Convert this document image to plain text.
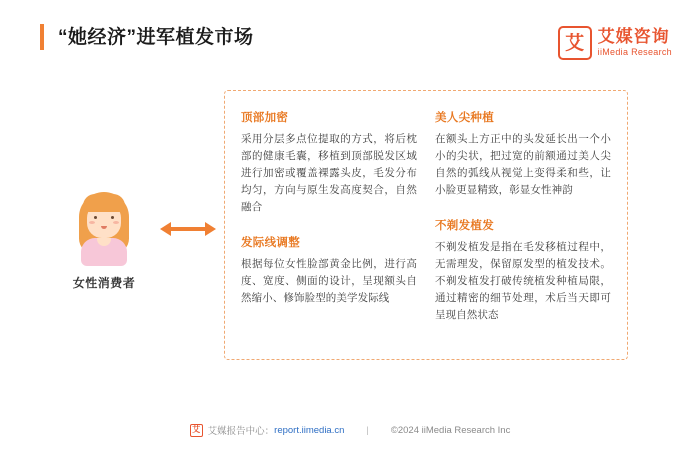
“她经济”进军植发市场	艾 艾媒咨询
iiMedia Research
女性消费者
顶部加密
采用分层多点位提取的方式，将后枕部的健康毛囊，移植到顶部脱发区域进行加密或覆盖裸露头皮，毛发分布均匀，方向与原生发高度契合，自然融合
发际线调整
根据每位女性脸部黄金比例，进行高度、宽度、侧面的设计，呈现额头自然缩小、修饰脸型的美学发际线
美人尖种植
在额头上方正中的头发延长出一个小小的尖状，把过宽的前额通过美人尖自然的弧线从视觉上变得柔和些，让小脸更显精致，彰显女性神韵
不剃发植发
不剃发植发是指在毛发移植过程中，无需理发，保留原发型的植发技术。不剃发植发打破传统植发种植局限，通过精密的细节处理，术后当天即可呈现自然状态
艾 艾媒报告中心： report.iimedia.cn | ©2024 iiMedia Research Inc
